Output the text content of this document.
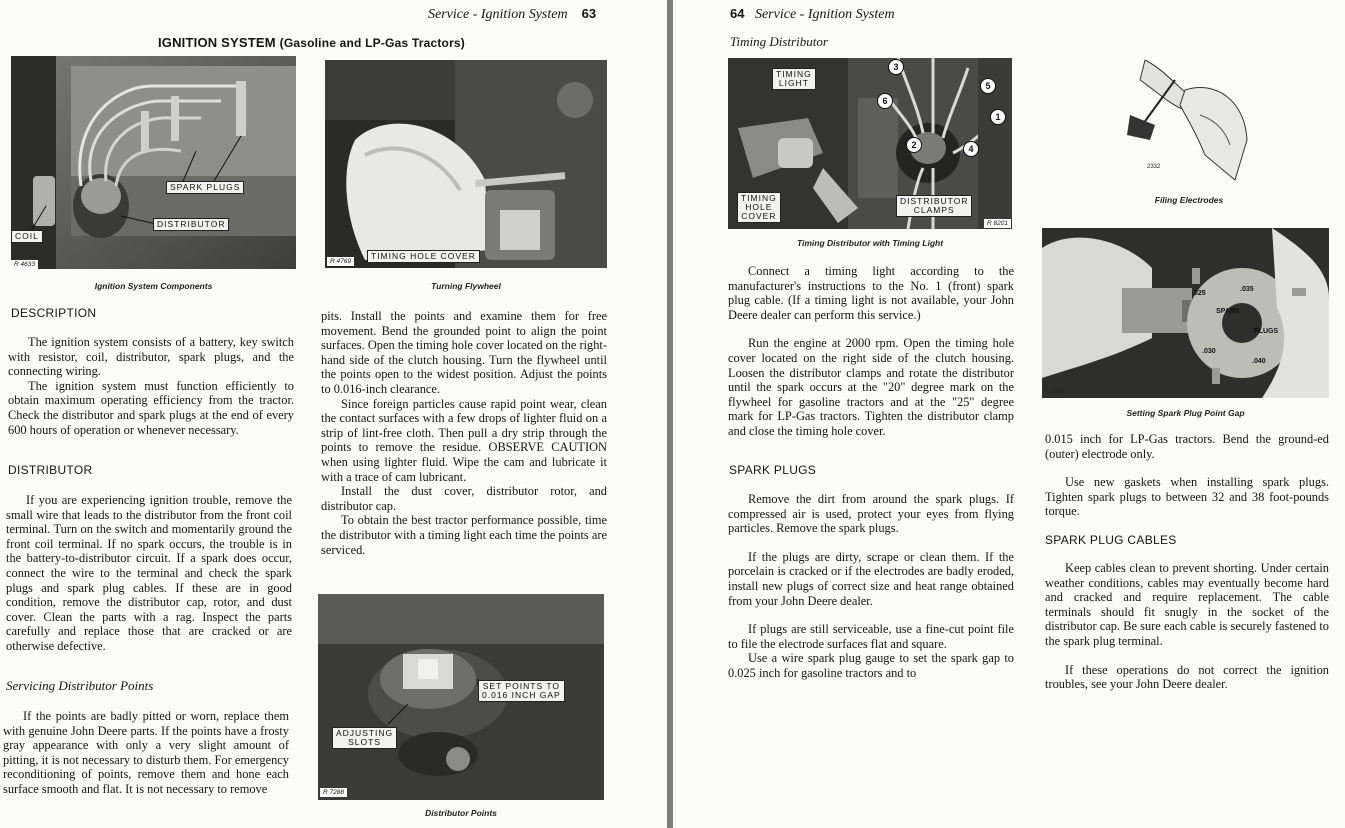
Service - Ignition System 63
IGNITION SYSTEM (Gasoline and LP-Gas Tractors)
SPARK PLUGS
DISTRIBUTOR
COIL
R 4633
Ignition System Components
TIMING HOLE COVER
R 4769
Turning Flywheel
DESCRIPTION

The ignition system consists of a battery, key switch with resistor, coil, distributor, spark plugs, and the connecting wiring.

The ignition system must function efficiently to obtain maximum operating efficiency from the tractor. Check the distributor and spark plugs at the end of every 600 hours of operation or whenever necessary.

DISTRIBUTOR

If you are experiencing ignition trouble, remove the small wire that leads to the distributor from the front coil terminal. Turn on the switch and momentarily ground the front coil terminal. If no spark occurs, the trouble is in the battery-to-distributor circuit. If a spark does occur, connect the wire to the terminal and check the spark plugs and spark plug cables. If these are in good condition, remove the distributor cap, rotor, and dust cover. Clean the parts with a rag. Inspect the parts carefully and replace those that are cracked or are otherwise defective.

Servicing Distributor Points

If the points are badly pitted or worn, replace them with genuine John Deere parts. If the points have a frosty gray appearance with only a very slight amount of pitting, it is not necessary to disturb them. For emergency reconditioning of points, remove them and hone each surface smooth and flat. It is not necessary to remove

pits. Install the points and examine them for free movement. Bend the grounded point to align the point surfaces. Open the timing hole cover located on the right-hand side of the clutch housing. Turn the flywheel until the points open to the widest position. Adjust the points to 0.016-inch clearance.

Since foreign particles cause rapid point wear, clean the contact surfaces with a few drops of lighter fluid on a strip of lint-free cloth. Then pull a dry strip through the points to remove the residue. OBSERVE CAUTION when using lighter fluid. Wipe the cam and lubricate it with a trace of cam lubricant.

Install the dust cover, distributor rotor, and distributor cap.

To obtain the best tractor performance possible, time the distributor with a timing light each time the points are serviced.

SET POINTS TO
0.016 INCH GAP
ADJUSTING
SLOTS
R 7288
Distributor Points
64 Service - Ignition System
Timing Distributor
TIMING
LIGHT
TIMING
HOLE
COVER
DISTRIBUTOR
CLAMPS
3
6
5
1
2	4
R 8201
Timing Distributor with Timing Light
2332
Filing Electrodes
.025
.035
SPARK
PLUGS
.030
.040
R 3941
Setting Spark Plug Point Gap

Connect a timing light according to the manufacturer's instructions to the No. 1 (front) spark plug cable. (If a timing light is not available, your John Deere dealer can perform this service.)

Run the engine at 2000 rpm. Open the timing hole cover located on the right side of the clutch housing. Loosen the distributor clamps and rotate the distributor until the spark occurs at the "20" degree mark on the flywheel for gasoline tractors and at the "25" degree mark for LP-Gas tractors. Tighten the distributor clamp and close the timing hole cover.

SPARK PLUGS

Remove the dirt from around the spark plugs. If compressed air is used, protect your eyes from flying particles. Remove the spark plugs.

If the plugs are dirty, scrape or clean them. If the porcelain is cracked or if the electrodes are badly eroded, install new plugs of correct size and heat range obtained from your John Deere dealer.

If plugs are still serviceable, use a fine-cut point file to file the electrode surfaces flat and square.

Use a wire spark plug gauge to set the spark gap to 0.025 inch for gasoline tractors and to

0.015 inch for LP-Gas tractors. Bend the ground-ed (outer) electrode only.

Use new gaskets when installing spark plugs. Tighten spark plugs to between 32 and 38 foot-pounds torque.

SPARK PLUG CABLES

Keep cables clean to prevent shorting. Under certain weather conditions, cables may eventually become hard and cracked and require replacement. The cable terminals should fit snugly in the socket of the distributor cap. Be sure each cable is securely fastened to the spark plug terminal.

If these operations do not correct the ignition troubles, see your John Deere dealer.
